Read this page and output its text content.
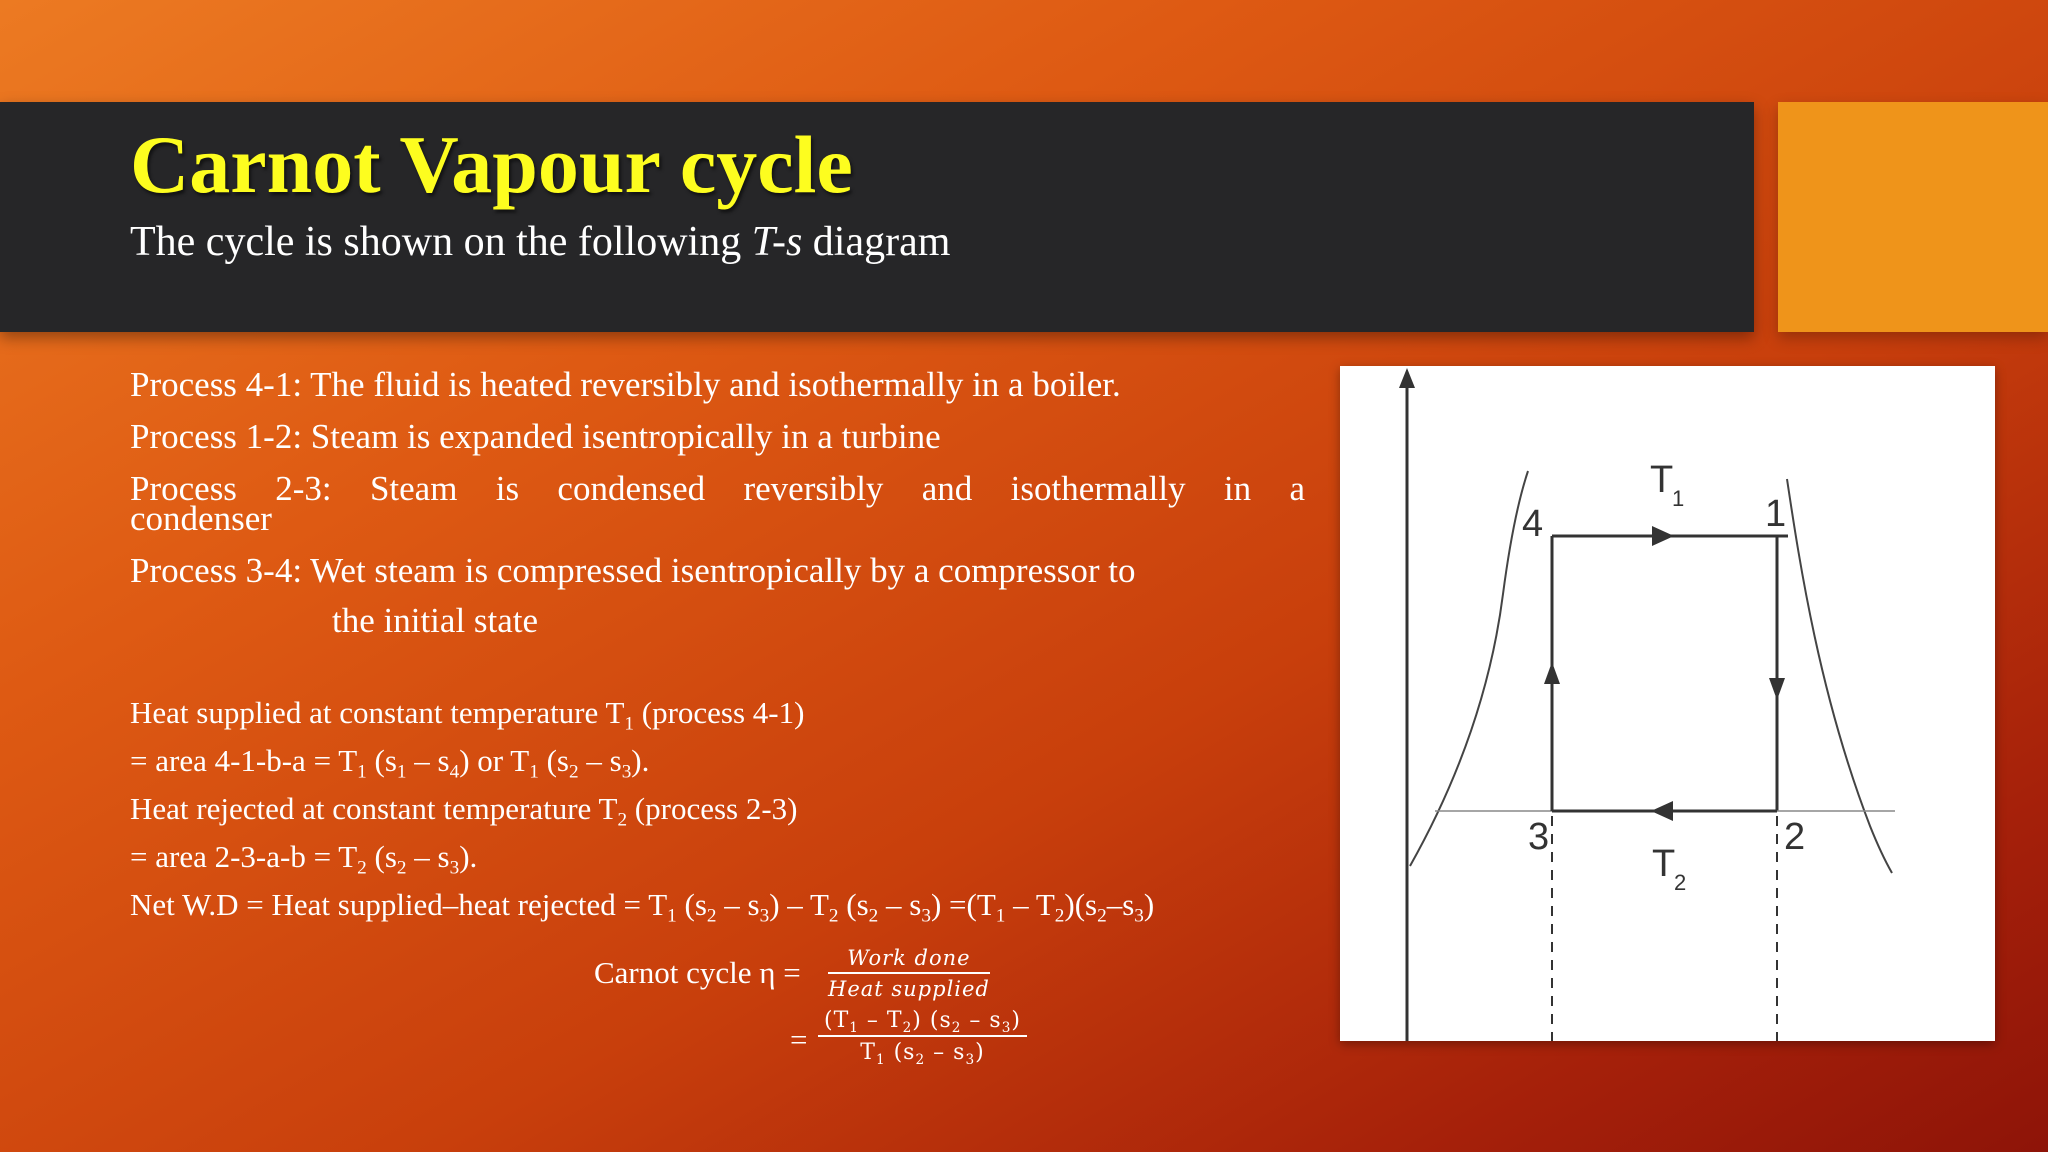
Carnot Vapour cycle
The cycle is shown on the following T-s diagram
Process 4-1: The fluid is heated reversibly and isothermally in a boiler.
Process 1-2: Steam is expanded isentropically in a turbine
Process 2-3: Steam is condensed reversibly and isothermally in a
condenser
Process 3-4: Wet steam is compressed isentropically by a compressor to
the initial state
Heat supplied at constant temperature $T_1$ (process 4-1)
= area $4-1-b-a = T_1$ $(s_1 - s_4)$ or $T_1$ $(s_2 - s_3)$.
Heat rejected at constant temperature $T_2$ (process 2-3)
= area $2-3-a-b = T_2$ $(s_2 - s_3)$.
Net W.D = Heat supplied–heat rejected = $T_1$ $(s_2 - s_3) - T_2$ $(s_2 - s_3) =(T_1 - T_2)(s_2-s_3)$
Carnot cycle η =	Work done
Heat supplied
= $\frac{(T_1 - T_2) (s_2 - s_3)}{T_1 (s_2 - s_3)}$
4	1
3	2
T
1
T
2
